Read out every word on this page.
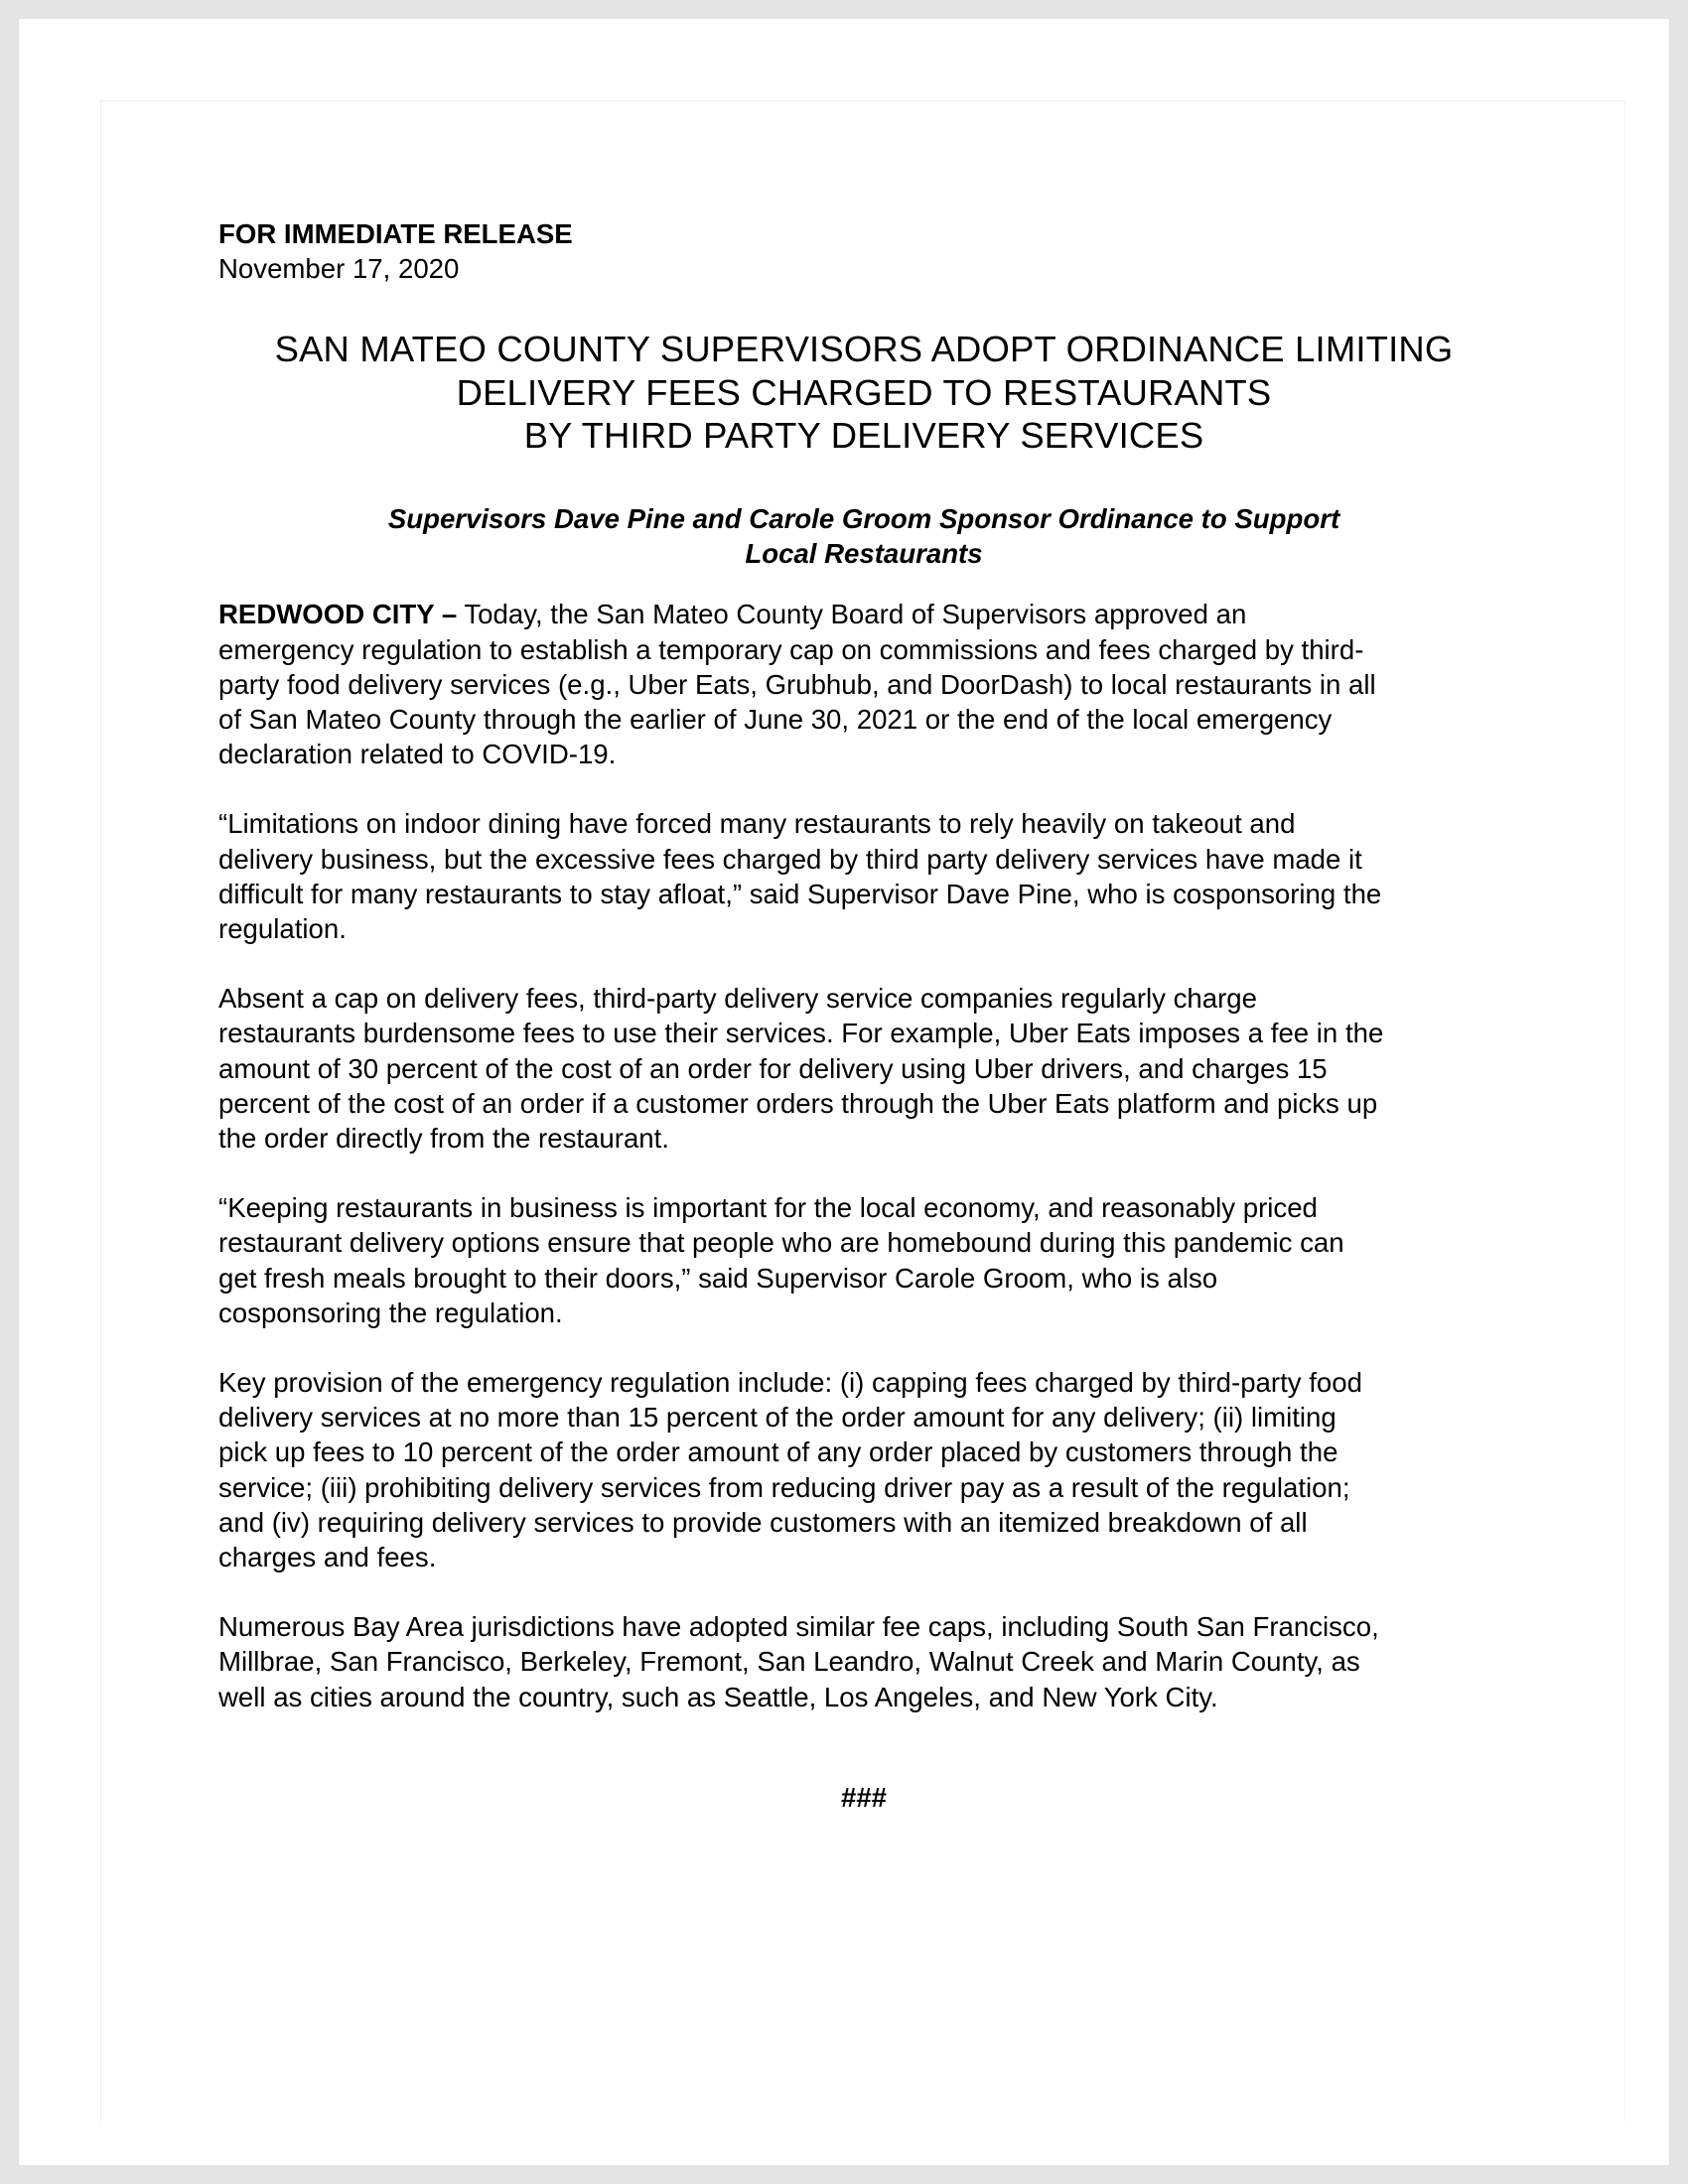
FOR IMMEDIATE RELEASE

November 17, 2020

SAN MATEO COUNTY SUPERVISORS ADOPT ORDINANCE LIMITING
DELIVERY FEES CHARGED TO RESTAURANTS
BY THIRD PARTY DELIVERY SERVICES
Supervisors Dave Pine and Carole Groom Sponsor Ordinance to Support
Local Restaurants

REDWOOD CITY – Today, the San Mateo County Board of Supervisors approved an
emergency regulation to establish a temporary cap on commissions and fees charged by third-
party food delivery services (e.g., Uber Eats, Grubhub, and DoorDash) to local restaurants in all
of San Mateo County through the earlier of June 30, 2021 or the end of the local emergency
declaration related to COVID-19.

“Limitations on indoor dining have forced many restaurants to rely heavily on takeout and
delivery business, but the excessive fees charged by third party delivery services have made it
difficult for many restaurants to stay afloat,” said Supervisor Dave Pine, who is cosponsoring the
regulation.

Absent a cap on delivery fees, third-party delivery service companies regularly charge
restaurants burdensome fees to use their services. For example, Uber Eats imposes a fee in the
amount of 30 percent of the cost of an order for delivery using Uber drivers, and charges 15
percent of the cost of an order if a customer orders through the Uber Eats platform and picks up
the order directly from the restaurant.

“Keeping restaurants in business is important for the local economy, and reasonably priced
restaurant delivery options ensure that people who are homebound during this pandemic can
get fresh meals brought to their doors,” said Supervisor Carole Groom, who is also
cosponsoring the regulation.

Key provision of the emergency regulation include: (i) capping fees charged by third-party food
delivery services at no more than 15 percent of the order amount for any delivery; (ii) limiting
pick up fees to 10 percent of the order amount of any order placed by customers through the
service; (iii) prohibiting delivery services from reducing driver pay as a result of the regulation;
and (iv) requiring delivery services to provide customers with an itemized breakdown of all
charges and fees.

Numerous Bay Area jurisdictions have adopted similar fee caps, including South San Francisco,
Millbrae, San Francisco, Berkeley, Fremont, San Leandro, Walnut Creek and Marin County, as
well as cities around the country, such as Seattle, Los Angeles, and New York City.

###
